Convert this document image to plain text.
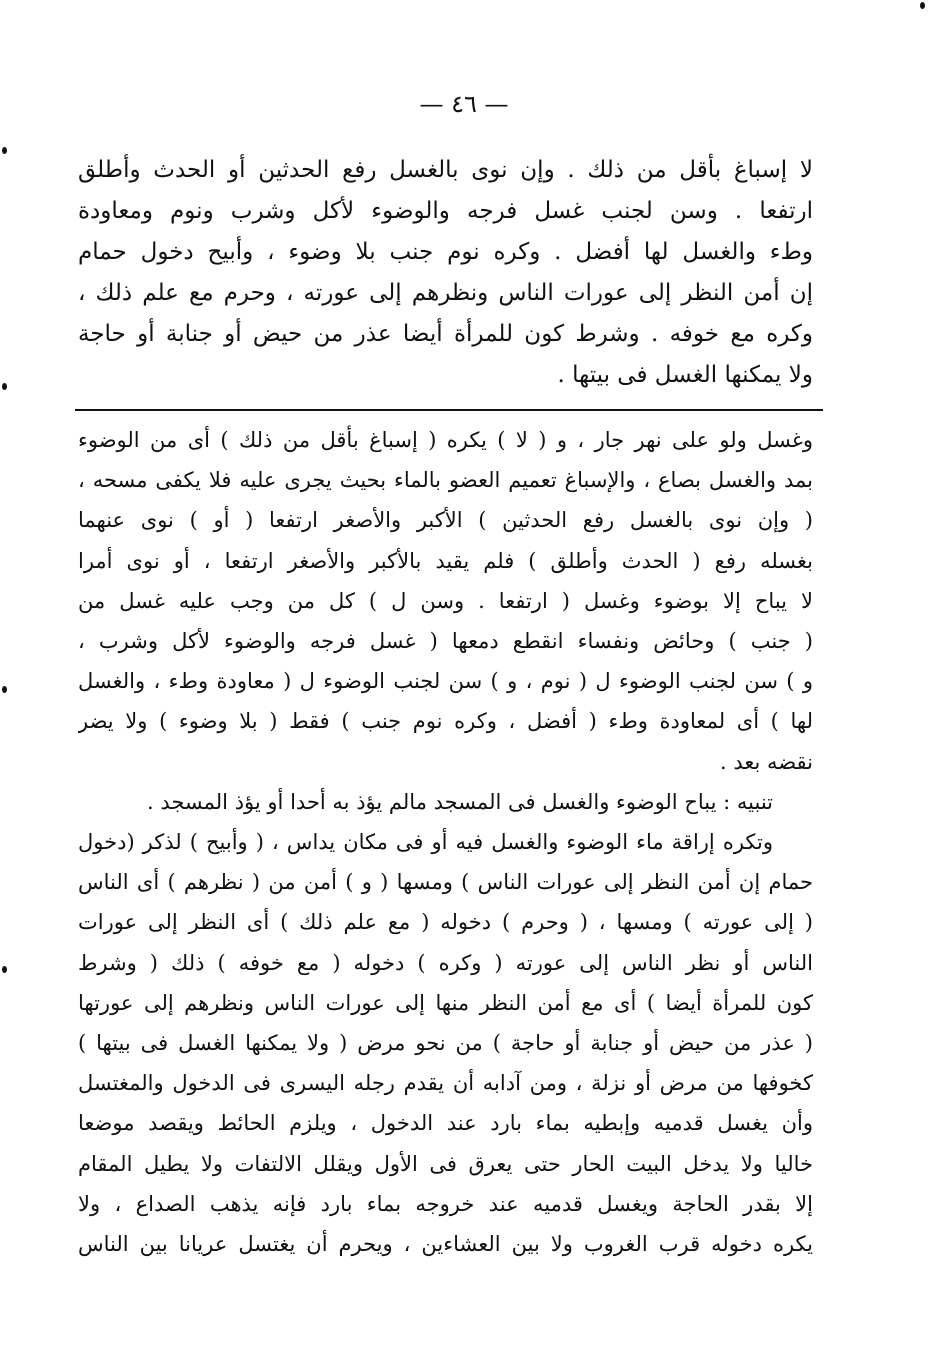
— ٤٦ —
لا إسباغ بأقل من ذلك . وإن نوى بالغسل رفع الحدثين أو الحدث وأطلق
ارتفعا . وسن لجنب غسل فرجه والوضوء لأكل وشرب ونوم ومعاودة
وطء والغسل لها أفضل . وكره نوم جنب بلا وضوء ، وأبيح دخول حمام
إن أمن النظر إلى عورات الناس ونظرهم إلى عورته ، وحرم مع علم ذلك ،
وكره مع خوفه . وشرط كون للمرأة أيضا عذر من حيض أو جنابة أو حاجة
ولا يمكنها الغسل فى بيتها .
وغسل ولو على نهر جار ، و ( لا ) يكره ( إسباغ بأقل من ذلك ) أى من الوضوء
بمد والغسل بصاع ، والإسباغ تعميم العضو بالماء بحيث يجرى عليه فلا يكفى مسحه ،
( وإن نوى بالغسل رفع الحدثين ) الأكبر والأصغر ارتفعا ( أو ) نوى عنهما
بغسله رفع ( الحدث وأطلق ) فلم يقيد بالأكبر والأصغر ارتفعا ، أو نوى أمرا
لا يباح إلا بوضوء وغسل ( ارتفعا . وسن ل ) كل من وجب عليه غسل من
( جنب ) وحائض ونفساء انقطع دمعها ( غسل فرجه والوضوء لأكل وشرب ،
و ) سن لجنب الوضوء ل ( نوم ، و ) سن لجنب الوضوء ل ( معاودة وطء ، والغسل
لها ) أى لمعاودة وطء ( أفضل ، وكره نوم جنب ) فقط ( بلا وضوء ) ولا يضر
نقضه بعد .
تنبيه : يباح الوضوء والغسل فى المسجد مالم يؤذ به أحدا أو يؤذ المسجد .
وتكره إراقة ماء الوضوء والغسل فيه أو فى مكان يداس ، ( وأبيح ) لذكر (دخول
حمام إن أمن النظر إلى عورات الناس ) ومسها ( و ) أمن من ( نظرهم ) أى الناس
( إلى عورته ) ومسها ، ( وحرم ) دخوله ( مع علم ذلك ) أى النظر إلى عورات
الناس أو نظر الناس إلى عورته ( وكره ) دخوله ( مع خوفه ) ذلك ( وشرط
كون للمرأة أيضا ) أى مع أمن النظر منها إلى عورات الناس ونظرهم إلى عورتها
( عذر من حيض أو جنابة أو حاجة ) من نحو مرض ( ولا يمكنها الغسل فى بيتها )
كخوفها من مرض أو نزلة ، ومن آدابه أن يقدم رجله اليسرى فى الدخول والمغتسل
وأن يغسل قدميه وإبطيه بماء بارد عند الدخول ، ويلزم الحائط ويقصد موضعا
خاليا ولا يدخل البيت الحار حتى يعرق فى الأول ويقلل الالتفات ولا يطيل المقام
إلا بقدر الحاجة ويغسل قدميه عند خروجه بماء بارد فإنه يذهب الصداع ، ولا
يكره دخوله قرب الغروب ولا بين العشاءين ، ويحرم أن يغتسل عريانا بين الناس
